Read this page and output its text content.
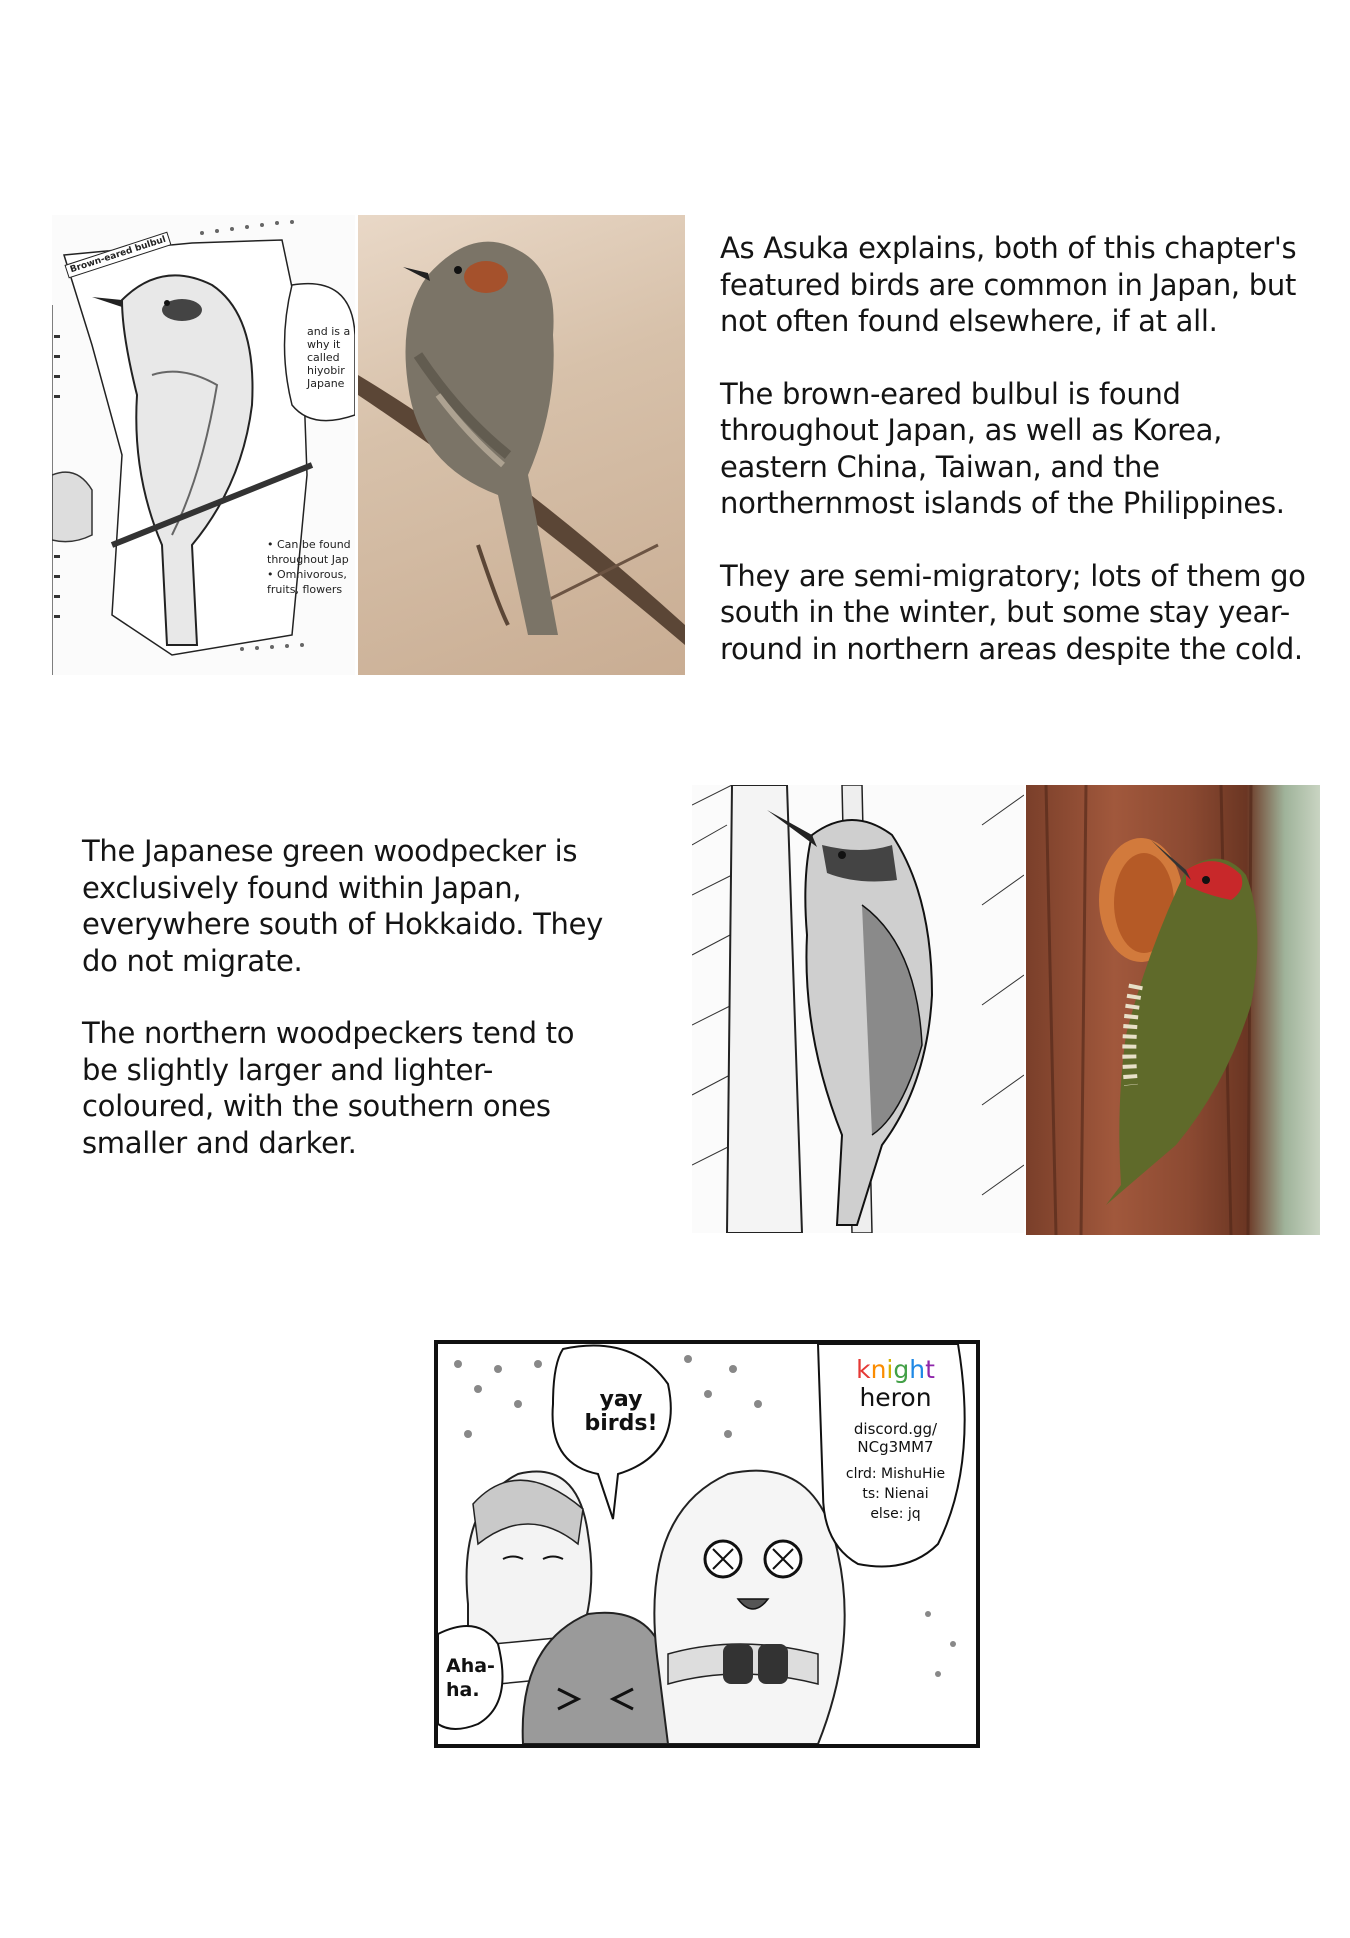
Brown-eared bulbul
and is a
why it
called
hiyobir
Japane
• Can be found
throughout Jap
• Omnivorous,
fruits, flowers

As Asuka explains, both of this chapter's featured birds are common in Japan, but not often found elsewhere, if at all.

The brown-eared bulbul is found throughout Japan, as well as Korea, eastern China, Taiwan, and the northernmost islands of the Philippines.

They are semi-migratory; lots of them go south in the winter, but some stay year-round in northern areas despite the cold.

The Japanese green woodpecker is exclusively found within Japan, everywhere south of Hokkaido. They do not migrate.

The northern woodpeckers tend to be slightly larger and lighter-coloured, with the southern ones smaller and darker.

yay
birds!
Aha-
ha.
knight
heron
discord.gg/
NCg3MM7
clrd: MishuHie
ts: Nienai
else: jq
